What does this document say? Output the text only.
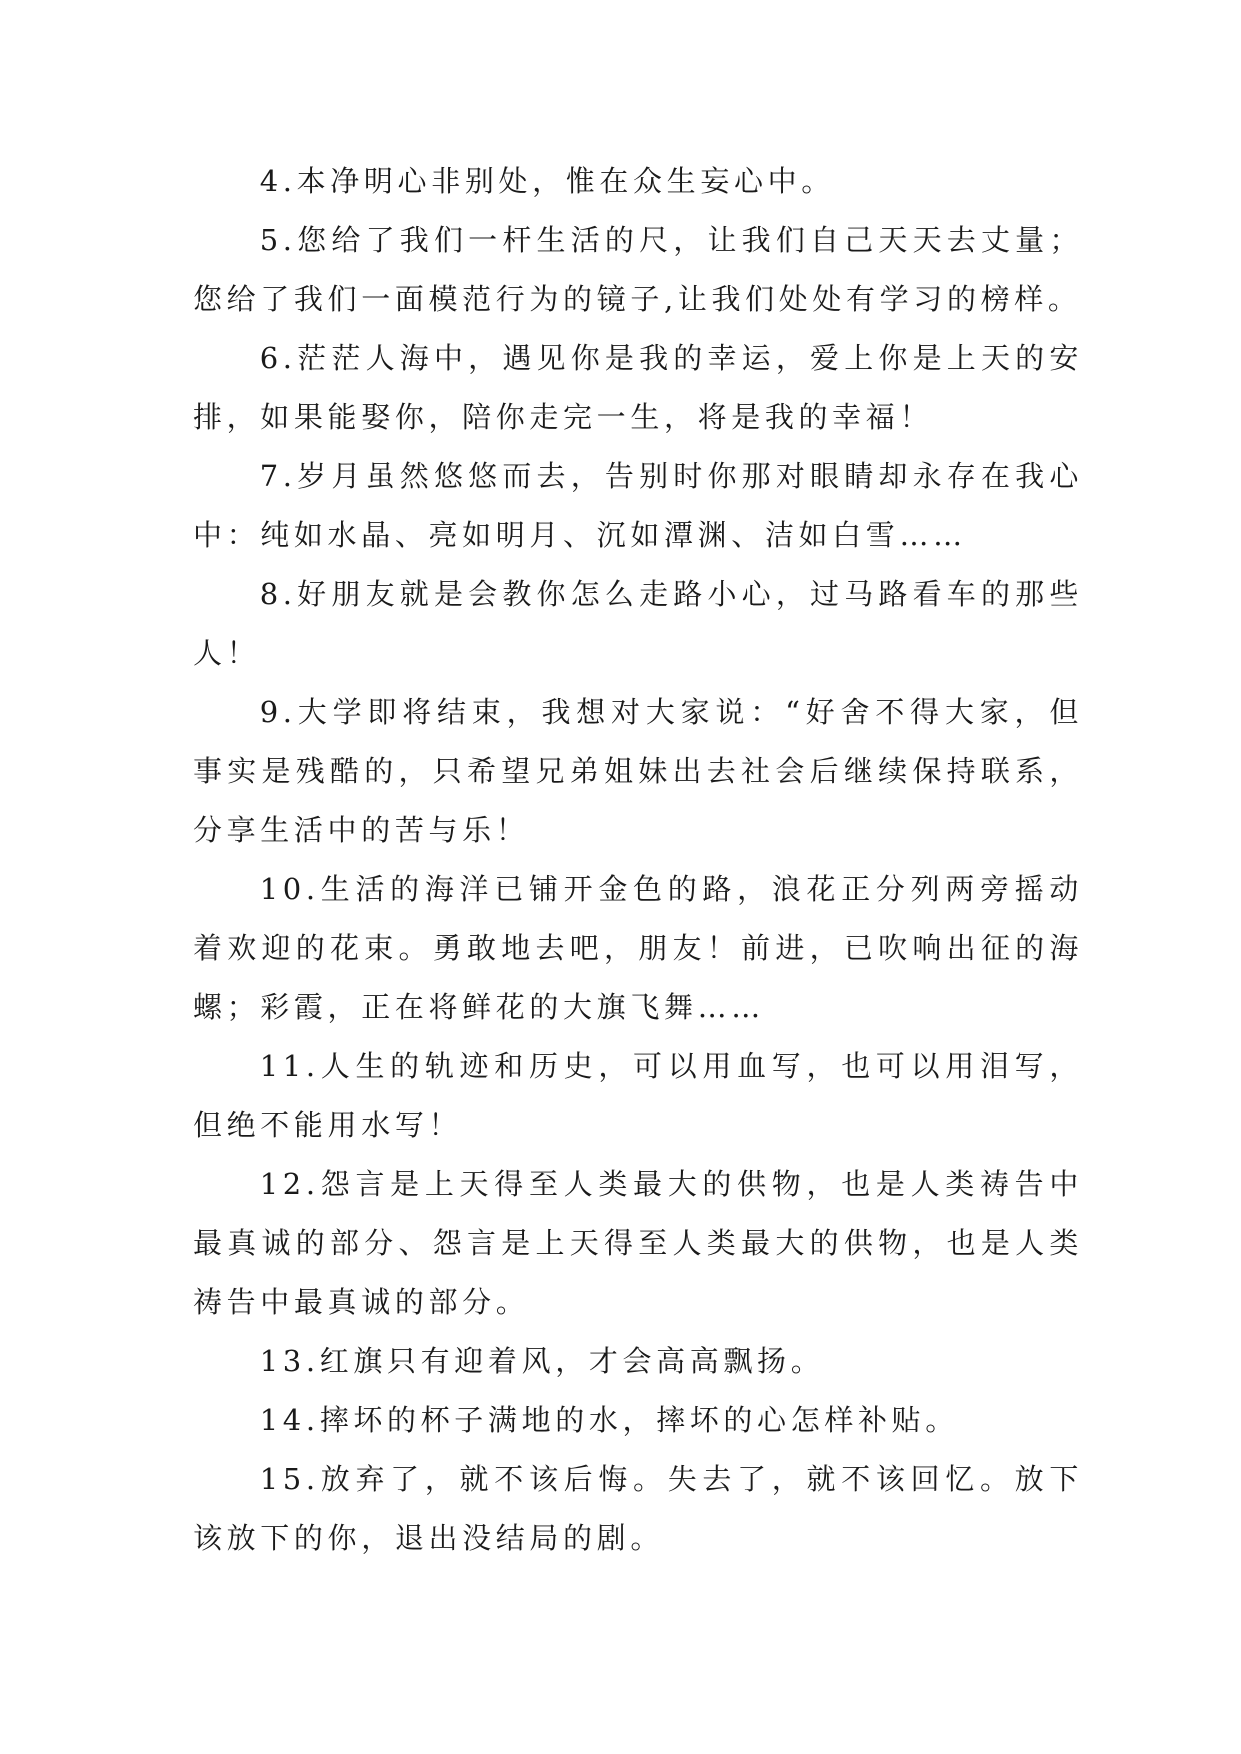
4.本净明心非别处，惟在众生妄心中。

5.您给了我们一杆生活的尺，让我们自己天天去丈量；您给了我们一面模范行为的镜子,让我们处处有学习的榜样。

6.茫茫人海中，遇见你是我的幸运，爱上你是上天的安排，如果能娶你，陪你走完一生，将是我的幸福！

7.岁月虽然悠悠而去，告别时你那对眼睛却永存在我心中：纯如水晶、亮如明月、沉如潭渊、洁如白雪……

8.好朋友就是会教你怎么走路小心，过马路看车的那些人！

9.大学即将结束，我想对大家说：“好舍不得大家，但事实是残酷的，只希望兄弟姐妹出去社会后继续保持联系，分享生活中的苦与乐！

10.生活的海洋已铺开金色的路，浪花正分列两旁摇动着欢迎的花束。勇敢地去吧，朋友！前进，已吹响出征的海螺；彩霞，正在将鲜花的大旗飞舞……

11.人生的轨迹和历史，可以用血写，也可以用泪写，但绝不能用水写！

12.怨言是上天得至人类最大的供物，也是人类祷告中最真诚的部分、怨言是上天得至人类最大的供物，也是人类祷告中最真诚的部分。

13.红旗只有迎着风，才会高高飘扬。

14.摔坏的杯子满地的水，摔坏的心怎样补贴。

15.放弃了，就不该后悔。失去了，就不该回忆。放下该放下的你，退出没结局的剧。
